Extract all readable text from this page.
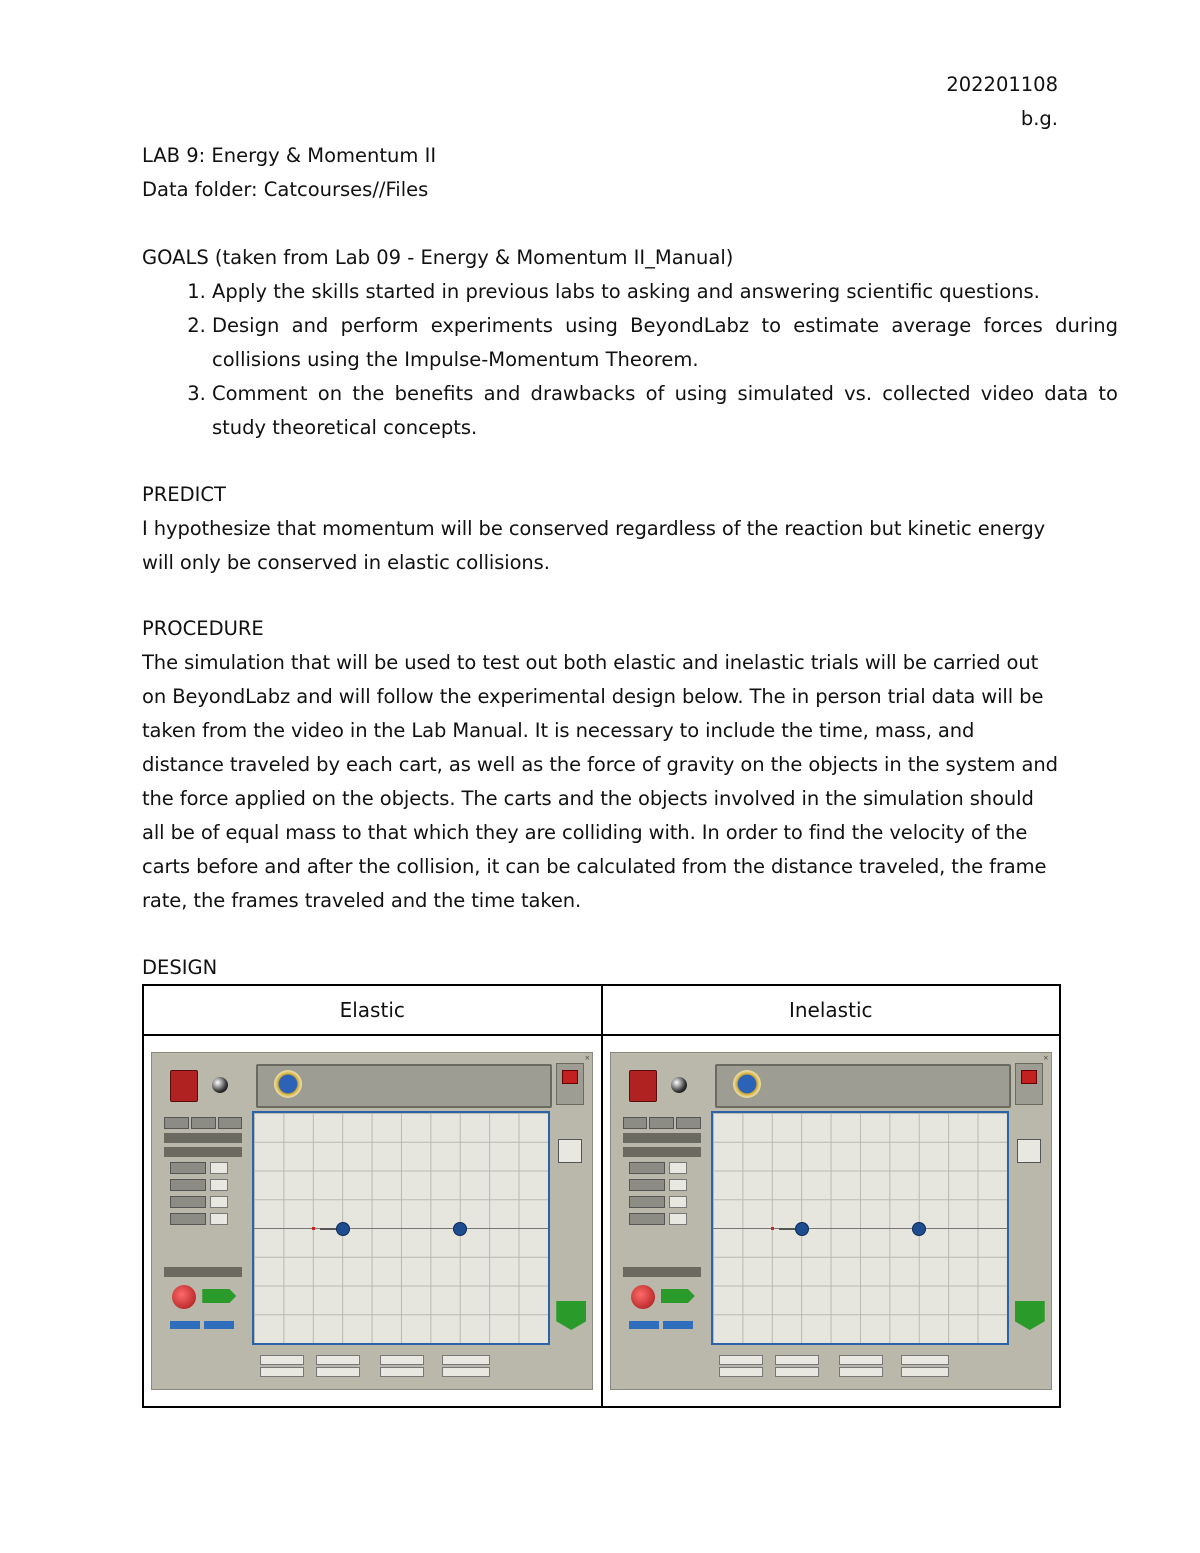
202201108
b.g.
LAB 9: Energy & Momentum II
Data folder: Catcourses//Files
GOALS (taken from Lab 09 - Energy & Momentum II_Manual)
1. Apply the skills started in previous labs to asking and answering scientific questions.
2. Design and perform experiments using BeyondLabz to estimate average forces during collisions using the Impulse-Momentum Theorem.
3. Comment on the benefits and drawbacks of using simulated vs. collected video data to study theoretical concepts.
PREDICT
I hypothesize that momentum will be conserved regardless of the reaction but kinetic energy will only be conserved in elastic collisions.
PROCEDURE
The simulation that will be used to test out both elastic and inelastic trials will be carried out on BeyondLabz and will follow the experimental design below. The in person trial data will be taken from the video in the Lab Manual. It is necessary to include the time, mass, and distance traveled by each cart, as well as the force of gravity on the objects in the system and the force applied on the objects. The carts and the objects involved in the simulation should all be of equal mass to that which they are colliding with. In order to find the velocity of the carts before and after the collision, it can be calculated from the distance traveled, the frame rate, the frames traveled and the time taken.
DESIGN
Elastic	Inelastic

×	×
